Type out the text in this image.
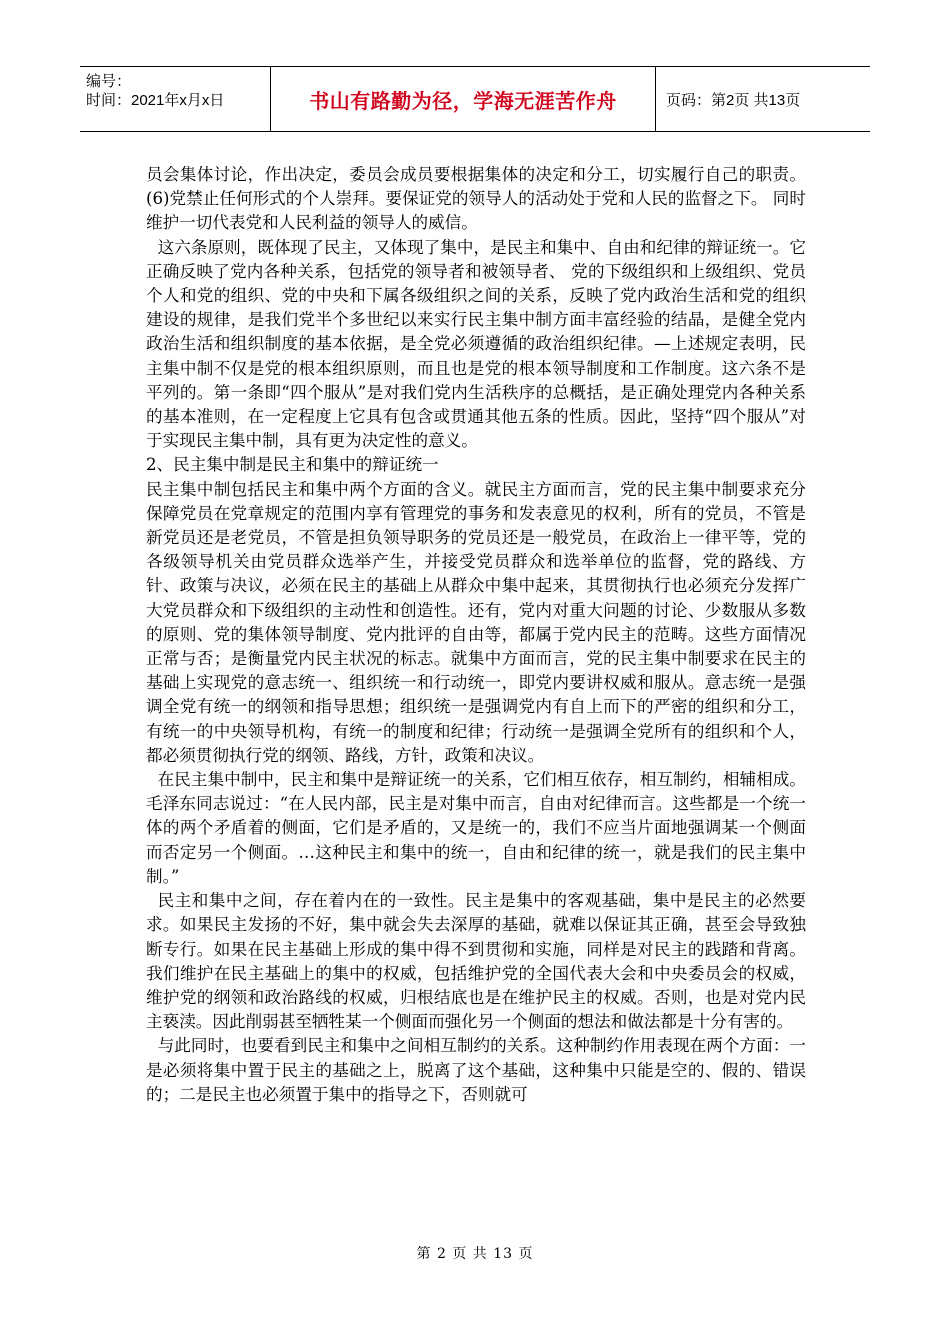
编号：
时间：2021年x月x日	书山有路勤为径，学海无涯苦作舟	页码：第2页 共13页

员会集体讨论，作出决定，委员会成员要根据集体的决定和分工，切实履行自己的职责。(6)党禁止任何形式的个人崇拜。要保证党的领导人的活动处于党和人民的监督之下。 同时维护一切代表党和人民利益的领导人的威信。

这六条原则，既体现了民主，又体现了集中，是民主和集中、自由和纪律的辩证统一。它正确反映了党内各种关系，包括党的领导者和被领导者、 党的下级组织和上级组织、党员个人和党的组织、党的中央和下属各级组织之间的关系，反映了党内政治生活和党的组织建设的规律，是我们党半个多世纪以来实行民主集中制方面丰富经验的结晶，是健全党内政治生活和组织制度的基本依据，是全党必须遵循的政治组织纪律。—上述规定表明，民主集中制不仅是党的根本组织原则，而且也是党的根本领导制度和工作制度。这六条不是平列的。第一条即“四个服从”是对我们党内生活秩序的总概括，是正确处理党内各种关系的基本准则，在一定程度上它具有包含或贯通其他五条的性质。因此，坚持“四个服从”对于实现民主集中制，具有更为决定性的意义。

2、民主集中制是民主和集中的辩证统一

民主集中制包括民主和集中两个方面的含义。就民主方面而言，党的民主集中制要求充分保障党员在党章规定的范围内享有管理党的事务和发表意见的权利，所有的党员，不管是新党员还是老党员，不管是担负领导职务的党员还是一般党员，在政治上一律平等，党的各级领导机关由党员群众选举产生，并接受党员群众和选举单位的监督，党的路线、方针、政策与决议，必须在民主的基础上从群众中集中起来，其贯彻执行也必须充分发挥广大党员群众和下级组织的主动性和创造性。还有，党内对重大问题的讨论、少数服从多数的原则、党的集体领导制度、党内批评的自由等，都属于党内民主的范畴。这些方面情况正常与否；是衡量党内民主状况的标志。就集中方面而言，党的民主集中制要求在民主的基础上实现党的意志统一、组织统一和行动统一，即党内要讲权威和服从。意志统一是强调全党有统一的纲领和指导思想；组织统一是强调党内有自上而下的严密的组织和分工，有统一的中央领导机构，有统一的制度和纪律；行动统一是强调全党所有的组织和个人，都必须贯彻执行党的纲领、路线，方针，政策和决议。

在民主集中制中，民主和集中是辩证统一的关系，它们相互依存，相互制约，相辅相成。毛泽东同志说过：“在人民内部，民主是对集中而言，自由对纪律而言。这些都是一个统一体的两个矛盾着的侧面，它们是矛盾的，又是统一的，我们不应当片面地强调某一个侧面而否定另一个侧面。…这种民主和集中的统一，自由和纪律的统一，就是我们的民主集中制。”

民主和集中之间，存在着内在的一致性。民主是集中的客观基础，集中是民主的必然要求。如果民主发扬的不好，集中就会失去深厚的基础，就难以保证其正确，甚至会导致独断专行。如果在民主基础上形成的集中得不到贯彻和实施，同样是对民主的践踏和背离。我们维护在民主基础上的集中的权威，包括维护党的全国代表大会和中央委员会的权威，维护党的纲领和政治路线的权威，归根结底也是在维护民主的权威。否则，也是对党内民主亵渎。因此削弱甚至牺牲某一个侧面而强化另一个侧面的想法和做法都是十分有害的。

与此同时，也要看到民主和集中之间相互制约的关系。这种制约作用表现在两个方面：一是必须将集中置于民主的基础之上，脱离了这个基础，这种集中只能是空的、假的、错误的；二是民主也必须置于集中的指导之下，否则就可

第 2 页 共 13 页
